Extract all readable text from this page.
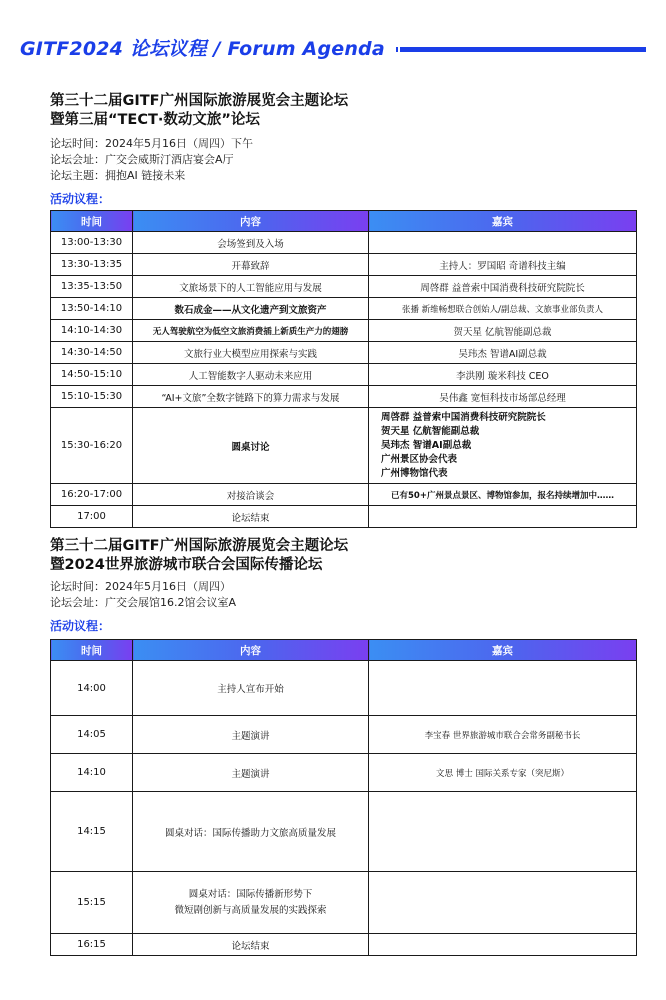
GITF2024 论坛议程 / Forum Agenda
第三十二届GITF广州国际旅游展览会主题论坛
暨第三届“TECT·数动文旅”论坛
论坛时间：2024年5月16日（周四）下午
论坛会址：广交会威斯汀酒店宴会A厅
论坛主题：拥抱AI 链接未来
活动议程：
时间	内容	嘉宾
13:00-13:30	会场签到及入场	
13:30-13:35	开幕致辞	主持人：罗国昭 奇谱科技主编
13:35-13:50	文旅场景下的人工智能应用与发展	周啓群 益普索中国消费科技研究院院长
13:50-14:10	数石成金——从文化遗产到文旅资产	张播 新维畅想联合创始人/副总裁、文旅事业部负责人
14:10-14:30	无人驾驶航空为低空文旅消费插上新质生产力的翅膀	贺天星 亿航智能副总裁
14:30-14:50	文旅行业大模型应用探索与实践	吴玮杰 智谱AI副总裁
14:50-15:10	人工智能数字人驱动未来应用	李洪刚 璇米科技 CEO
15:10-15:30	“AI+文旅”全数字链路下的算力需求与发展	吴伟鑫 宽恒科技市场部总经理
15:30-16:20	圆桌讨论	周啓群 益普索中国消费科技研究院院长
贺天星 亿航智能副总裁
吴玮杰 智谱AI副总裁
广州景区协会代表
广州博物馆代表

16:20-17:00	对接洽谈会	已有50+广州景点景区、博物馆参加，报名持续增加中……
17:00	论坛结束	
第三十二届GITF广州国际旅游展览会主题论坛
暨2024世界旅游城市联合会国际传播论坛
论坛时间：2024年5月16日（周四）
论坛会址：广交会展馆16.2馆会议室A
活动议程：
时间	内容	嘉宾
14:00	主持人宣布开始	
14:05	主题演讲	李宝春 世界旅游城市联合会常务副秘书长
14:10	主题演讲	文思 博士 国际关系专家（突尼斯）
14:15	圆桌对话：国际传播助力文旅高质量发展	
15:15	圆桌对话：国际传播新形势下
微短剧创新与高质量发展的实践探索	

16:15	论坛结束	
